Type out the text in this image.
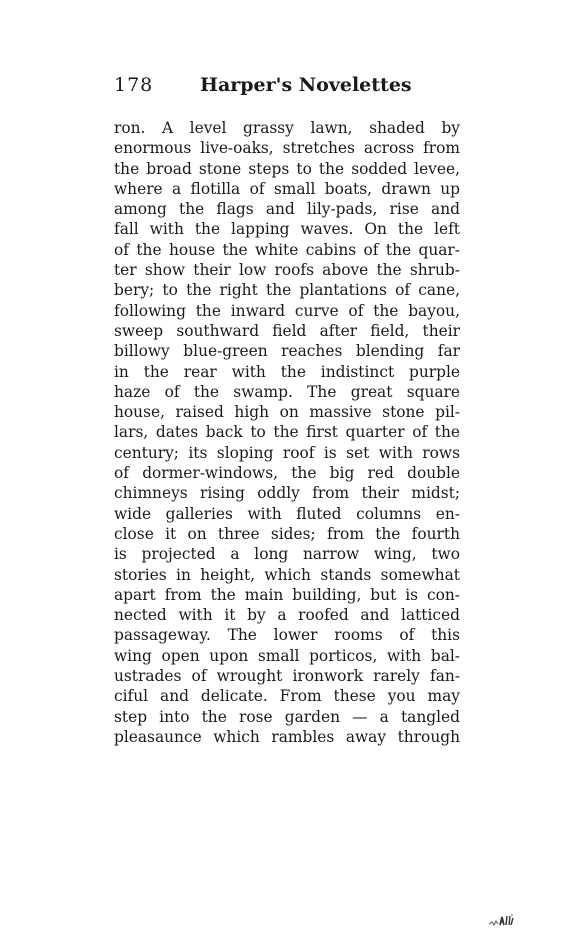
178	Harper's Novelettes
ron. A level grassy lawn, shaded by
enormous live-oaks, stretches across from
the broad stone steps to the sodded levee,
where a flotilla of small boats, drawn up
among the flags and lily-pads, rise and
fall with the lapping waves. On the left
of the house the white cabins of the quar-
ter show their low roofs above the shrub-
bery; to the right the plantations of cane,
following the inward curve of the bayou,
sweep southward field after field, their
billowy blue-green reaches blending far
in the rear with the indistinct purple
haze of the swamp. The great square
house, raised high on massive stone pil-
lars, dates back to the first quarter of the
century; its sloping roof is set with rows
of dormer-windows, the big red double
chimneys rising oddly from their midst;
wide galleries with fluted columns en-
close it on three sides; from the fourth
is projected a long narrow wing, two
stories in height, which stands somewhat
apart from the main building, but is con-
nected with it by a roofed and latticed
passageway. The lower rooms of this
wing open upon small porticos, with bal-
ustrades of wrought ironwork rarely fan-
ciful and delicate. From these you may
step into the rose garden — a tangled
pleasaunce which rambles away through
